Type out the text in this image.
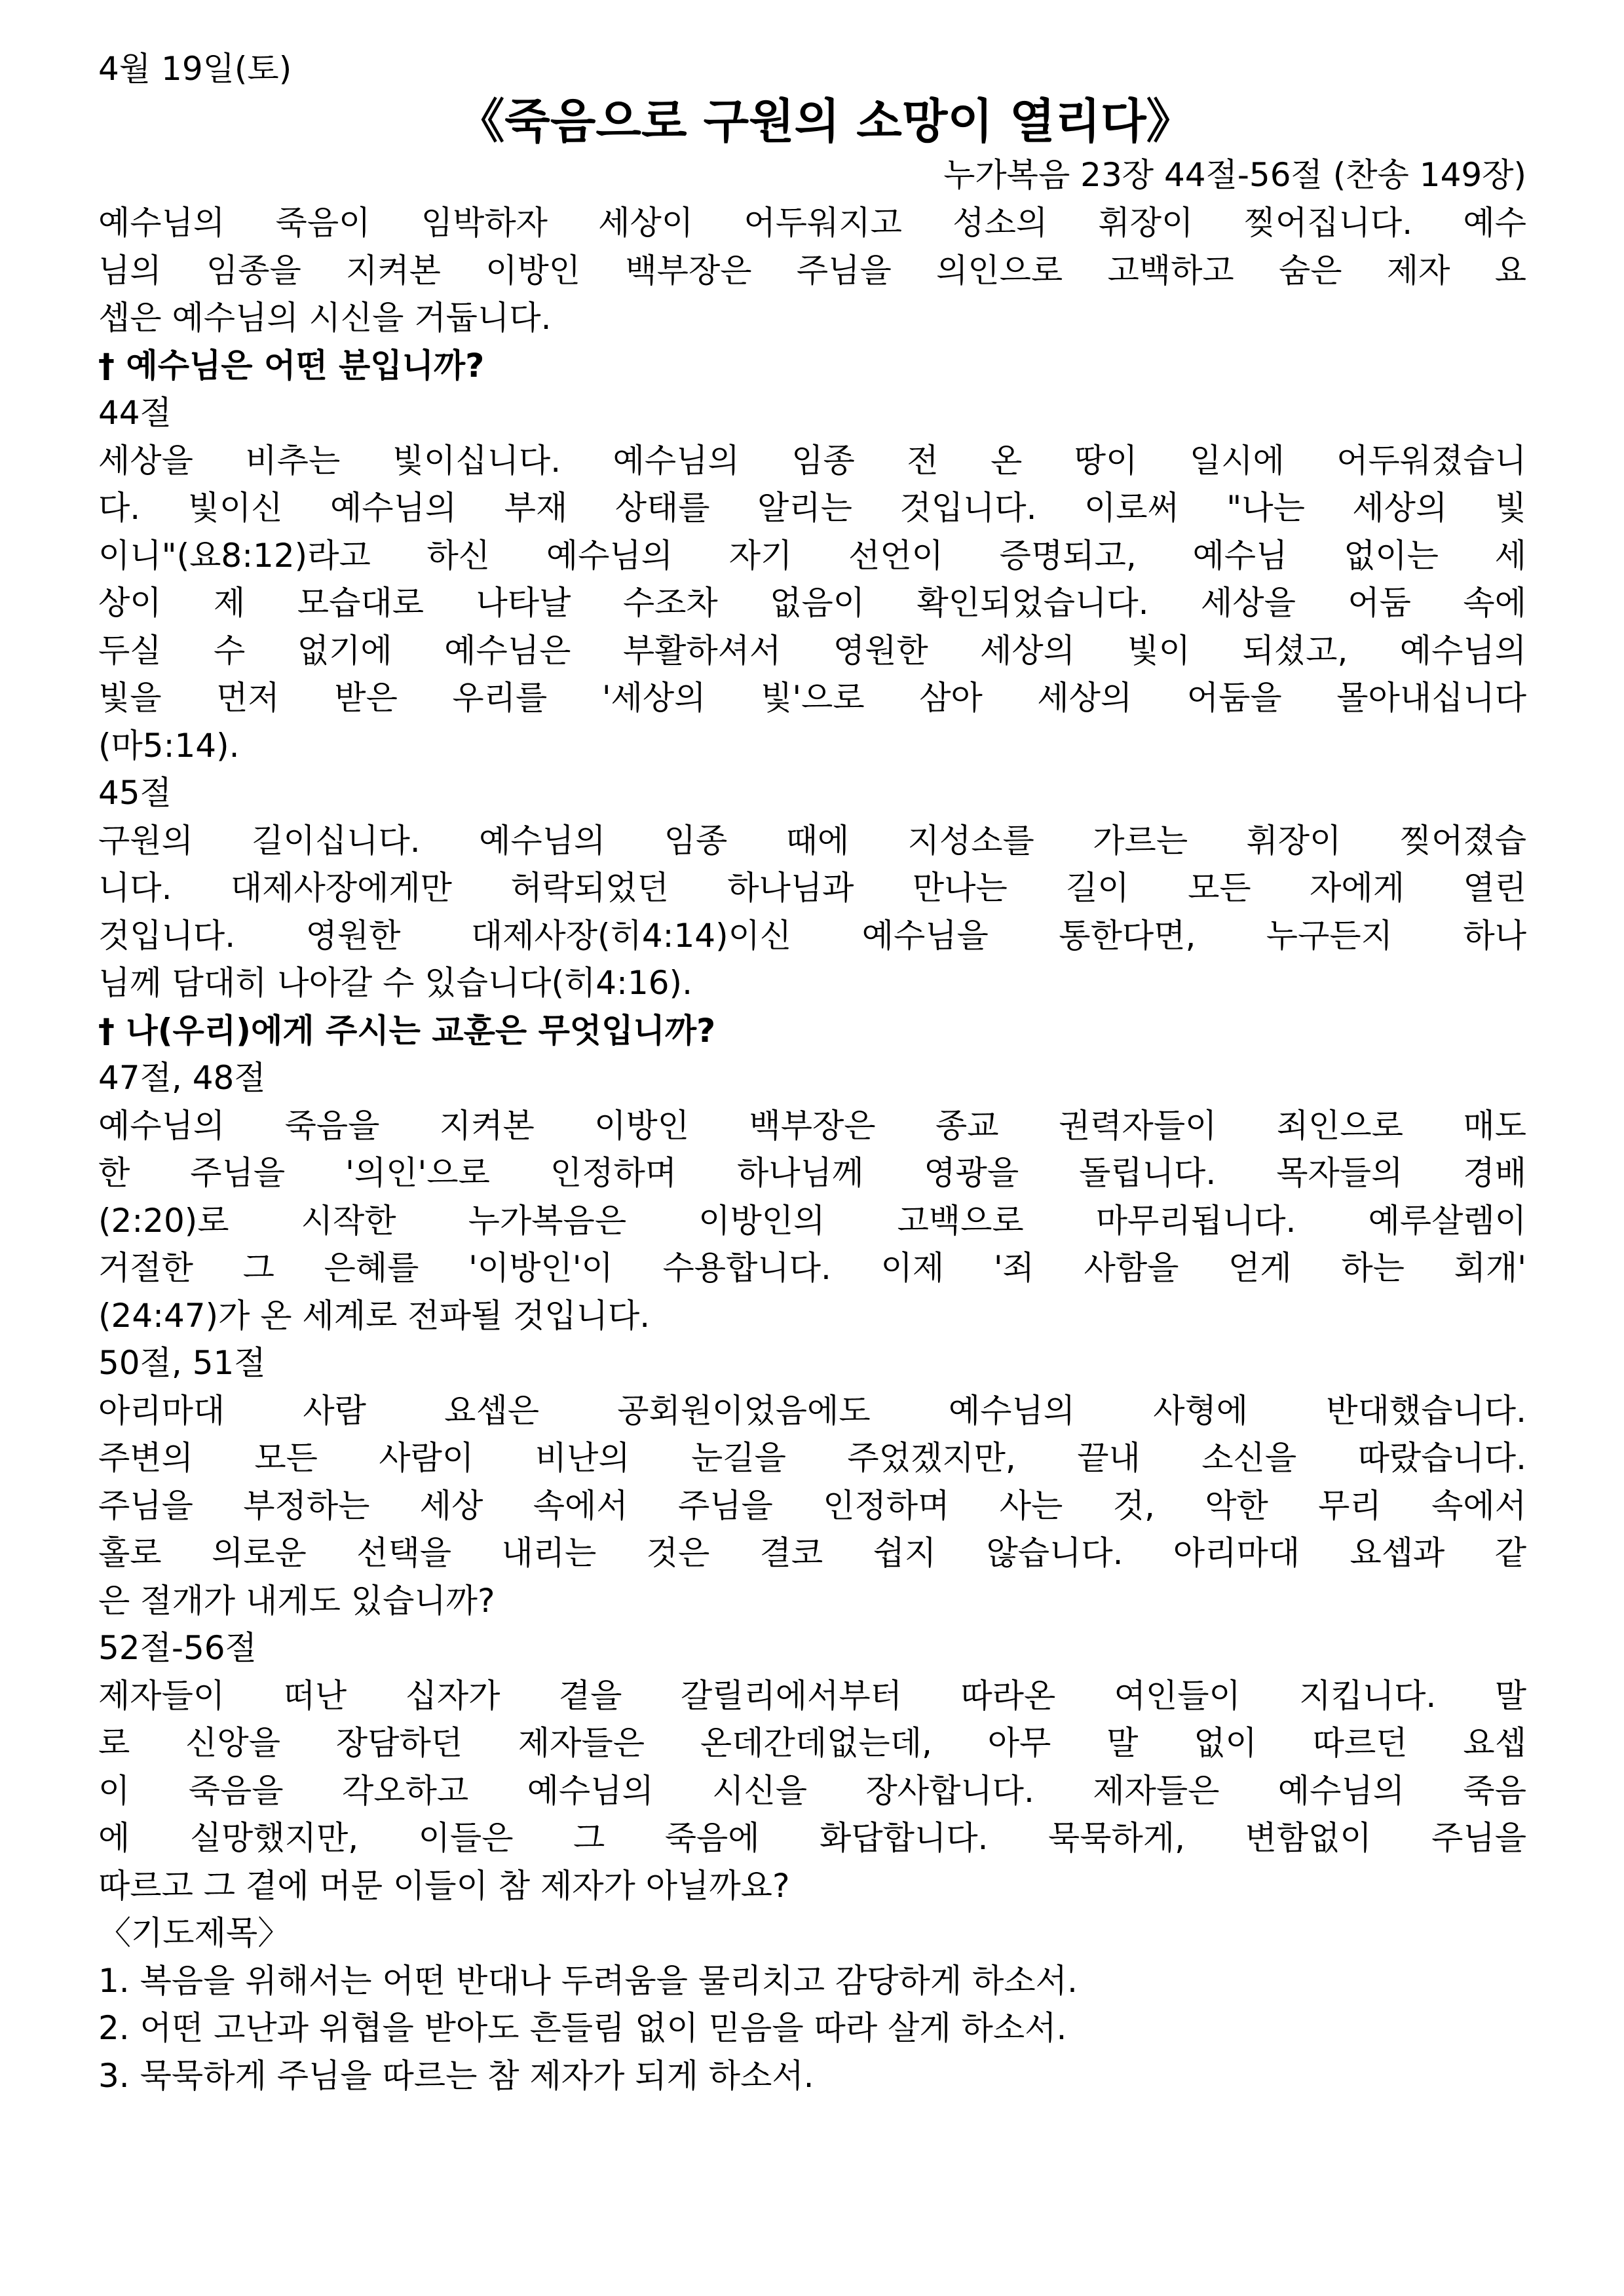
4월 19일(토)
《죽음으로 구원의 소망이 열리다》
누가복음 23장 44절-56절 (찬송 149장)
예수님의 죽음이 임박하자 세상이 어두워지고 성소의 휘장이 찢어집니다. 예수
님의 임종을 지켜본 이방인 백부장은 주님을 의인으로 고백하고 숨은 제자 요
셉은 예수님의 시신을 거둡니다.
† 예수님은 어떤 분입니까?
44절
세상을 비추는 빛이십니다. 예수님의 임종 전 온 땅이 일시에 어두워졌습니
다. 빛이신 예수님의 부재 상태를 알리는 것입니다. 이로써 "나는 세상의 빛
이니"(요8:12)라고 하신 예수님의 자기 선언이 증명되고, 예수님 없이는 세
상이 제 모습대로 나타날 수조차 없음이 확인되었습니다. 세상을 어둠 속에
두실 수 없기에 예수님은 부활하셔서 영원한 세상의 빛이 되셨고, 예수님의
빛을 먼저 받은 우리를 '세상의 빛'으로 삼아 세상의 어둠을 몰아내십니다
(마5:14).
45절
구원의 길이십니다. 예수님의 임종 때에 지성소를 가르는 휘장이 찢어졌습
니다. 대제사장에게만 허락되었던 하나님과 만나는 길이 모든 자에게 열린
것입니다. 영원한 대제사장(히4:14)이신 예수님을 통한다면, 누구든지 하나
님께 담대히 나아갈 수 있습니다(히4:16).
† 나(우리)에게 주시는 교훈은 무엇입니까?
47절, 48절
예수님의 죽음을 지켜본 이방인 백부장은 종교 권력자들이 죄인으로 매도
한 주님을 '의인'으로 인정하며 하나님께 영광을 돌립니다. 목자들의 경배
(2:20)로 시작한 누가복음은 이방인의 고백으로 마무리됩니다. 예루살렘이
거절한 그 은혜를 '이방인'이 수용합니다. 이제 '죄 사함을 얻게 하는 회개'
(24:47)가 온 세계로 전파될 것입니다.
50절, 51절
아리마대 사람 요셉은 공회원이었음에도 예수님의 사형에 반대했습니다.
주변의 모든 사람이 비난의 눈길을 주었겠지만, 끝내 소신을 따랐습니다.
주님을 부정하는 세상 속에서 주님을 인정하며 사는 것, 악한 무리 속에서
홀로 의로운 선택을 내리는 것은 결코 쉽지 않습니다. 아리마대 요셉과 같
은 절개가 내게도 있습니까?
52절-56절
제자들이 떠난 십자가 곁을 갈릴리에서부터 따라온 여인들이 지킵니다. 말
로 신앙을 장담하던 제자들은 온데간데없는데, 아무 말 없이 따르던 요셉
이 죽음을 각오하고 예수님의 시신을 장사합니다. 제자들은 예수님의 죽음
에 실망했지만, 이들은 그 죽음에 화답합니다. 묵묵하게, 변함없이 주님을
따르고 그 곁에 머문 이들이 참 제자가 아닐까요?
〈기도제목〉
1. 복음을 위해서는 어떤 반대나 두려움을 물리치고 감당하게 하소서.
2. 어떤 고난과 위협을 받아도 흔들림 없이 믿음을 따라 살게 하소서.
3. 묵묵하게 주님을 따르는 참 제자가 되게 하소서.
